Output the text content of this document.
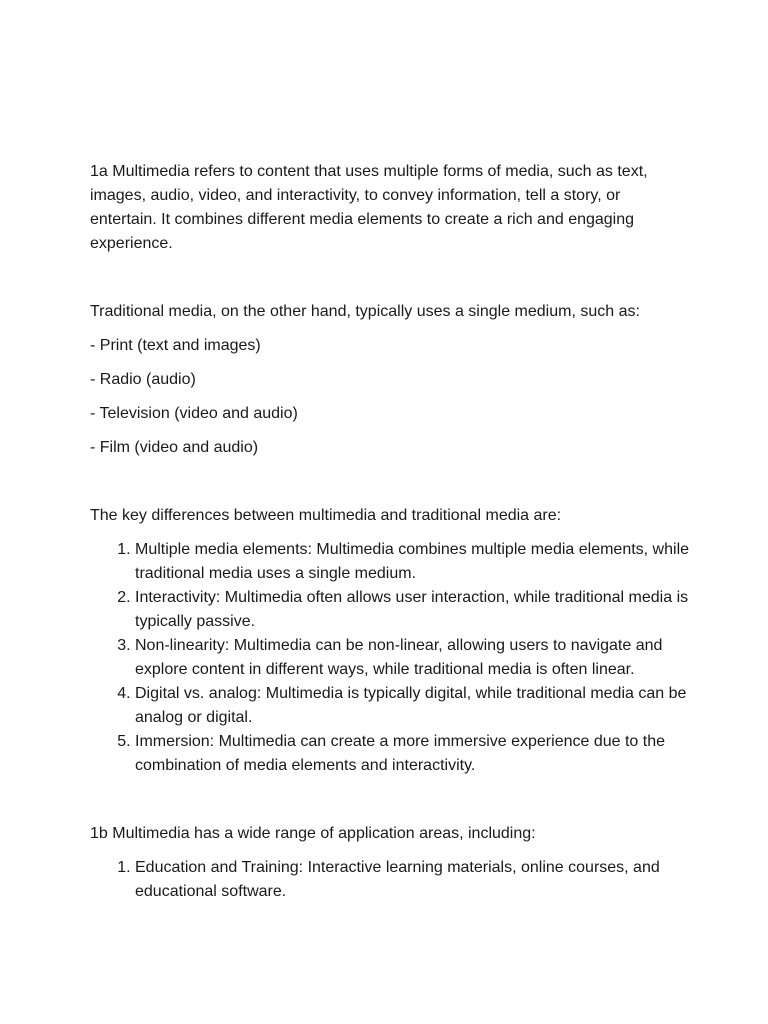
1a Multimedia refers to content that uses multiple forms of media, such as text, images, audio, video, and interactivity, to convey information, tell a story, or entertain. It combines different media elements to create a rich and engaging experience.

Traditional media, on the other hand, typically uses a single medium, such as:

- Print (text and images)

- Radio (audio)

- Television (video and audio)

- Film (video and audio)

The key differences between multimedia and traditional media are:

1. Multiple media elements: Multimedia combines multiple media elements, while traditional media uses a single medium.
2. Interactivity: Multimedia often allows user interaction, while traditional media is typically passive.
3. Non-linearity: Multimedia can be non-linear, allowing users to navigate and explore content in different ways, while traditional media is often linear.
4. Digital vs. analog: Multimedia is typically digital, while traditional media can be analog or digital.
5. Immersion: Multimedia can create a more immersive experience due to the combination of media elements and interactivity.

1b Multimedia has a wide range of application areas, including:

1. Education and Training: Interactive learning materials, online courses, and educational software.
